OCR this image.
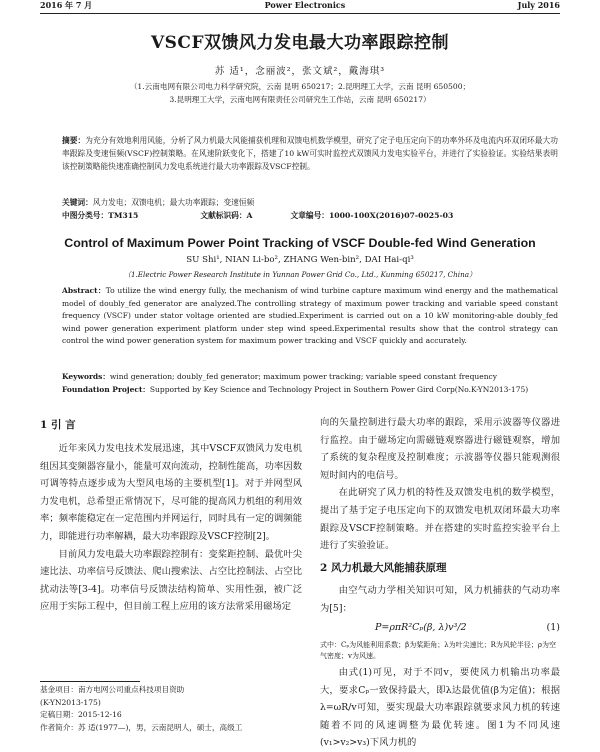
2016 年 7 月	Power Electronics	July 2016
VSCF双馈风力发电最大功率跟踪控制
苏 适¹，念丽波²，张文斌²，戴海琪³
（1.云南电网有限公司电力科学研究院，云南 昆明 650217；2.昆明理工大学，云南 昆明 650500；
3.昆明理工大学，云南电网有限责任公司研究生工作站，云南 昆明 650217）
摘要：为充分有效地利用风能，分析了风力机最大风能捕获机理和双馈电机数学模型，研究了定子电压定向下的功率外环及电流内环双闭环最大功率跟踪及变速恒频(VSCF)控制策略。在风速阶跃变化下，搭建了10 kW可实时监控式双馈风力发电实验平台，并进行了实验验证。实验结果表明该控制策略能快速准确控制风力发电系统进行最大功率跟踪及VSCF控制。
关键词：风力发电；双馈电机；最大功率跟踪；变速恒频
中图分类号：TM315	文献标识码：A	文章编号：1000-100X(2016)07-0025-03
Control of Maximum Power Point Tracking of VSCF Double-fed Wind Generation
SU Shi¹, NIAN Li-bo², ZHANG Wen-bin², DAI Hai-qi³
（1.Electric Power Research Institute in Yunnan Power Grid Co., Ltd., Kunming 650217, China）
Abstract：To utilize the wind energy fully, the mechanism of wind turbine capture maximum wind energy and the mathematical model of doubly_fed generator are analyzed.The controlling strategy of maximum power tracking and variable speed constant frequency (VSCF) under stator voltage oriented are studied.Experiment is carried out on a 10 kW monitoring-able doubly_fed wind power generation experiment platform under step wind speed.Experimental results show that the control strategy can control the wind power generation system for maximum power tracking and VSCF quickly and accurately.
Keywords：wind generation; doubly_fed generator; maximum power tracking; variable speed constant frequency
Foundation Project：Supported by Key Science and Technology Project in Southern Power Gird Corp(No.K-YN2013-175)
1 引 言

近年来风力发电技术发展迅速，其中VSCF双馈风力发电机组因其变频器容量小，能量可双向流动，控制性能高，功率因数可调等特点逐步成为大型风电场的主要机型[1]。对于并网型风力发电机，总希望正常情况下，尽可能的提高风力机组的利用效率；频率能稳定在一定范围内并网运行，同时具有一定的调频能力，即能进行功率解耦，最大功率跟踪及VSCF控制[2]。

目前风力发电最大功率跟踪控制有：变桨距控制、最优叶尖速比法、功率信号反馈法、爬山搜索法、占空比控制法、占空比扰动法等[3-4]。功率信号反馈法结构简单、实用性强，被广泛应用于实际工程中，但目前工程上应用的该方法常采用磁场定

基金项目：南方电网公司重点科技项目资助
(K-YN2013-175)
定稿日期：2015-12-16
作者简介：苏 适(1977—)，男，云南昆明人，硕士，高级工

向的矢量控制进行最大功率的跟踪，采用示波器等仪器进行监控。由于磁场定向需磁链观察器进行磁链观察，增加了系统的复杂程度及控制难度；示波器等仪器只能观测很短时间内的电信号。

在此研究了风力机的特性及双馈发电机的数学模型，提出了基于定子电压定向下的双馈发电机双闭环最大功率跟踪及VSCF控制策略。并在搭建的实时监控实验平台上进行了实验验证。

2 风力机最大风能捕获原理

由空气动力学相关知识可知，风力机捕获的气动功率为[5]：

P=ρπR²Cₚ(β, λ)v³/2	(1)
式中：Cₚ为风能利用系数；β为桨距角；λ为叶尖速比；R为风轮半径；ρ为空气密度；v为风速。

由式(1)可见，对于不同v，要使风力机输出功率最大，要求Cₚ一致保持最大，即λ达最优值(β为定值)；根据λ=ωR/v可知，要实现最大功率跟踪就要求风力机的转速随着不同的风速调整为最优转速。图1为不同风速(v₁>v₂>v₃)下风力机的
